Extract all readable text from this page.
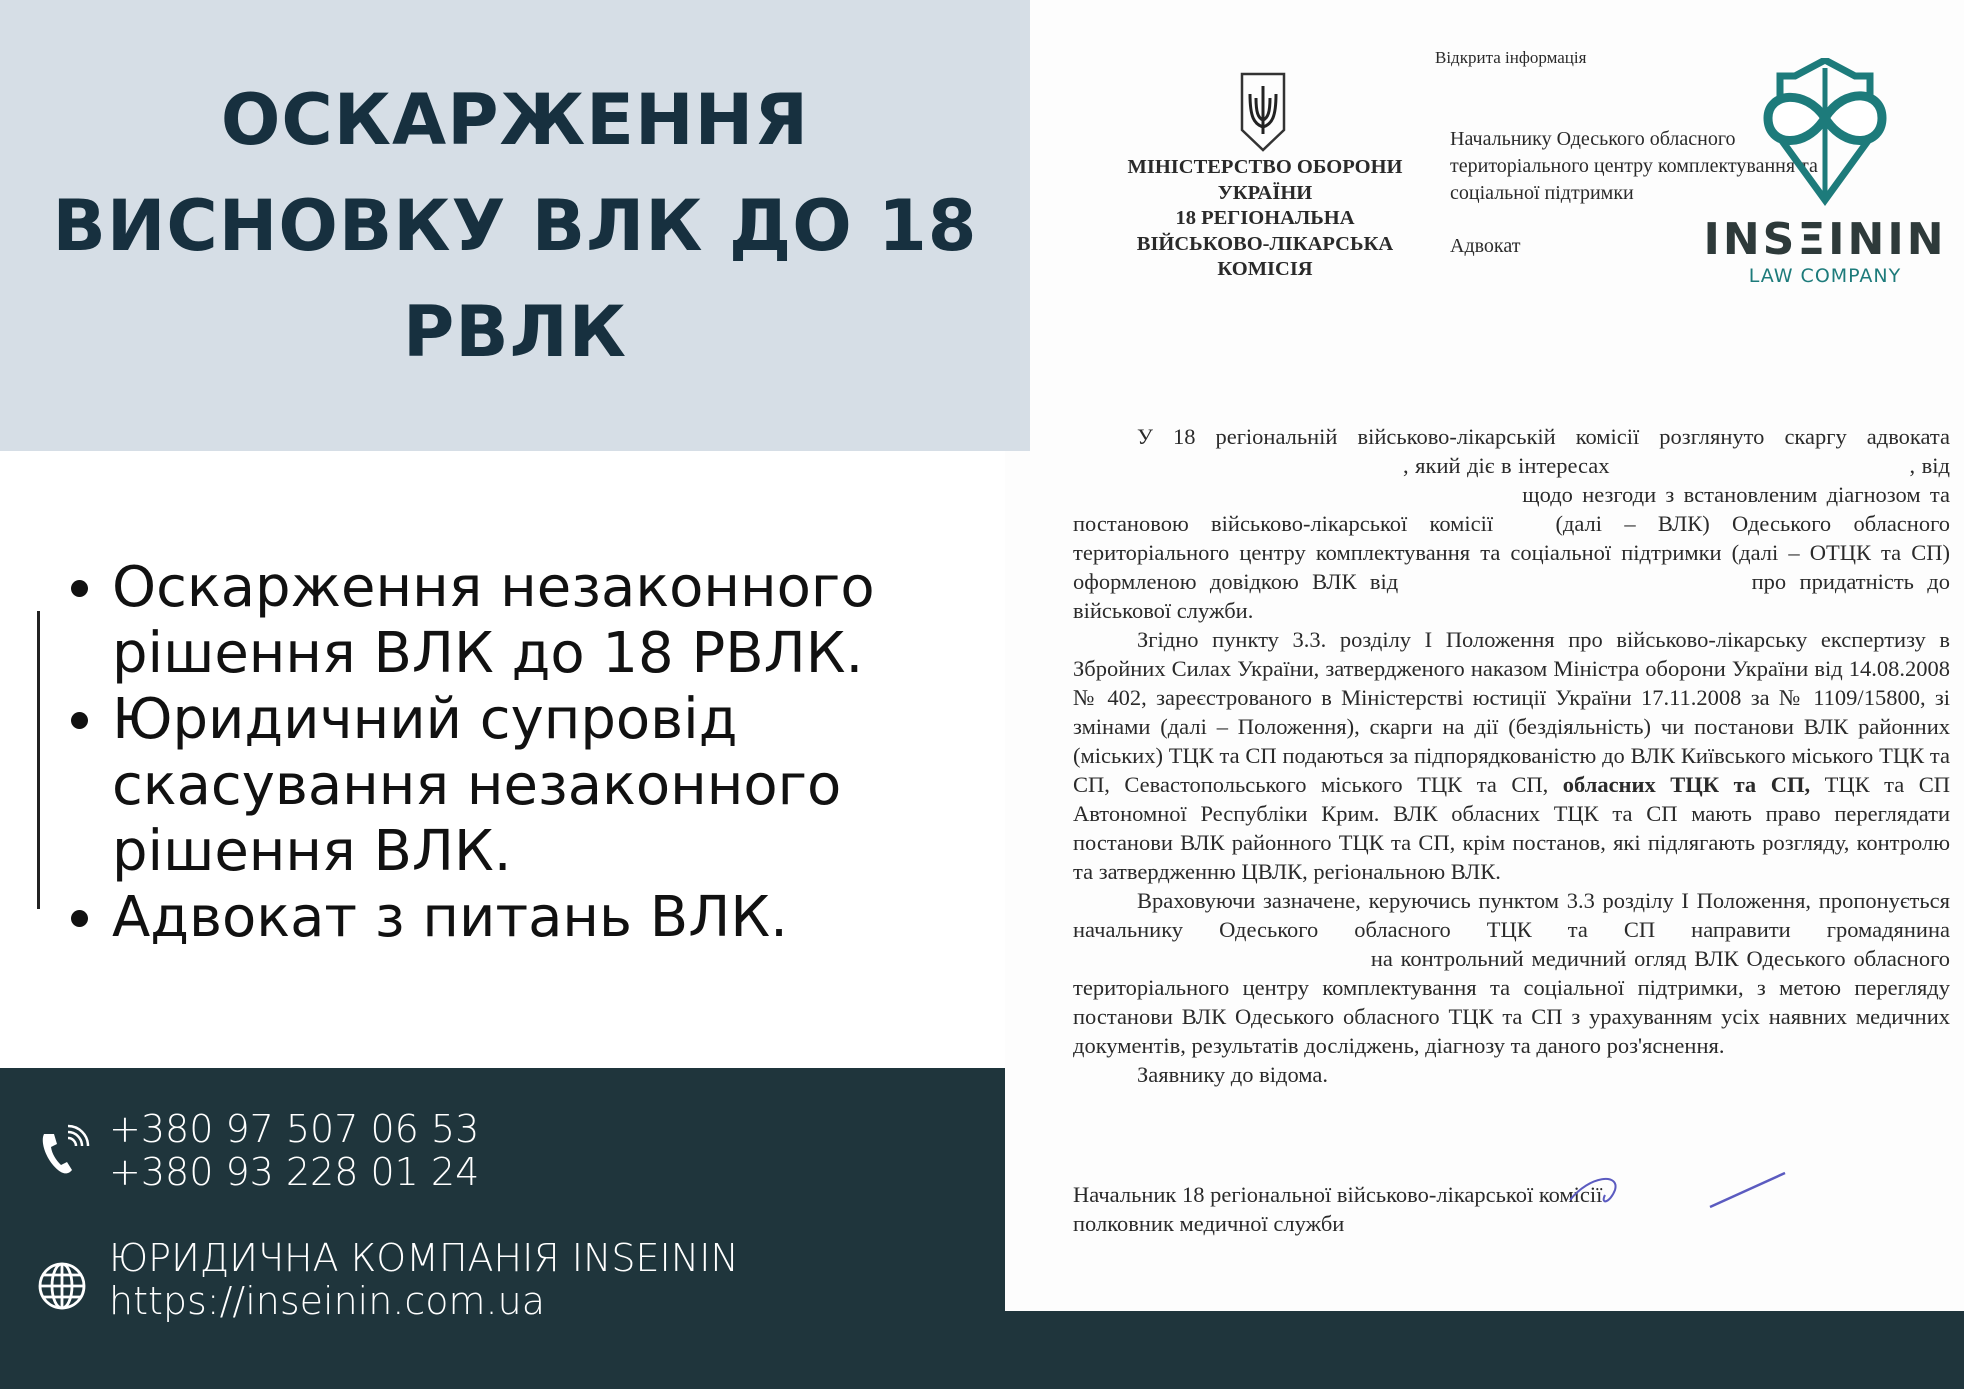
Відкрита інформація
МІНІСТЕРСТВО ОБОРОНИ
УКРАЇНИ
18 РЕГІОНАЛЬНА
ВІЙСЬКОВО-ЛІКАРСЬКА
КОМІСІЯ
Начальнику Одеського обласного
територіального центру комплектування та
соціальної підтримки
Адвокат	INSΞININ
LAW COMPANY

У 18 регіональній військово-лікарській комісії розглянуто скаргу адвоката, який діє в інтересах	, від щодо незгоди з встановленим діагнозом та постановою військово-лікарської комісії	(далі – ВЛК) Одеського обласного територіального центру комплектування та соціальної підтримки (далі – ОТЦК та СП) оформленою довідкою ВЛК від	про придатність до військової служби.

Згідно пункту 3.3. розділу І Положення про військово-лікарську експертизу в Збройних Силах України, затвердженого наказом Міністра оборони України від 14.08.2008 № 402, зареєстрованого в Міністерстві юстиції України 17.11.2008 за № 1109/15800, зі змінами (далі – Положення), скарги на дії (бездіяльність) чи постанови ВЛК районних (міських) ТЦК та СП подаються за підпорядкованістю до ВЛК Київського міського ТЦК та СП, Севастопольського міського ТЦК та СП, обласних ТЦК та СП, ТЦК та СП Автономної Республіки Крим. ВЛК обласних ТЦК та СП мають право переглядати постанови ВЛК районного ТЦК та СП, крім постанов, які підлягають розгляду, контролю та затвердженню ЦВЛК, регіональною ВЛК.

Враховуючи зазначене, керуючись пунктом 3.3 розділу І Положення, пропонується начальнику Одеського обласного ТЦК та СП направити громадянина на контрольний медичний огляд ВЛК Одеського обласного територіального центру комплектування та соціальної підтримки, з метою перегляду постанови ВЛК Одеського обласного ТЦК та СП з урахуванням усіх наявних медичних документів, результатів досліджень, діагнозу та даного роз'яснення.

Заявнику до відома.

Начальник 18 регіональної військово-лікарської комісії
полковник медичної служби
ОСКАРЖЕННЯ
ВИСНОВКУ ВЛК ДО 18
РВЛК
• Оскарження незаконного рішення ВЛК до 18 РВЛК.
• Юридичний супровід скасування незаконного рішення ВЛК.
• Адвокат з питань ВЛК.
+380 97 507 06 53
+380 93 228 01 24
ЮРИДИЧНА КОМПАНІЯ INSEININ
https://inseinin.com.ua
